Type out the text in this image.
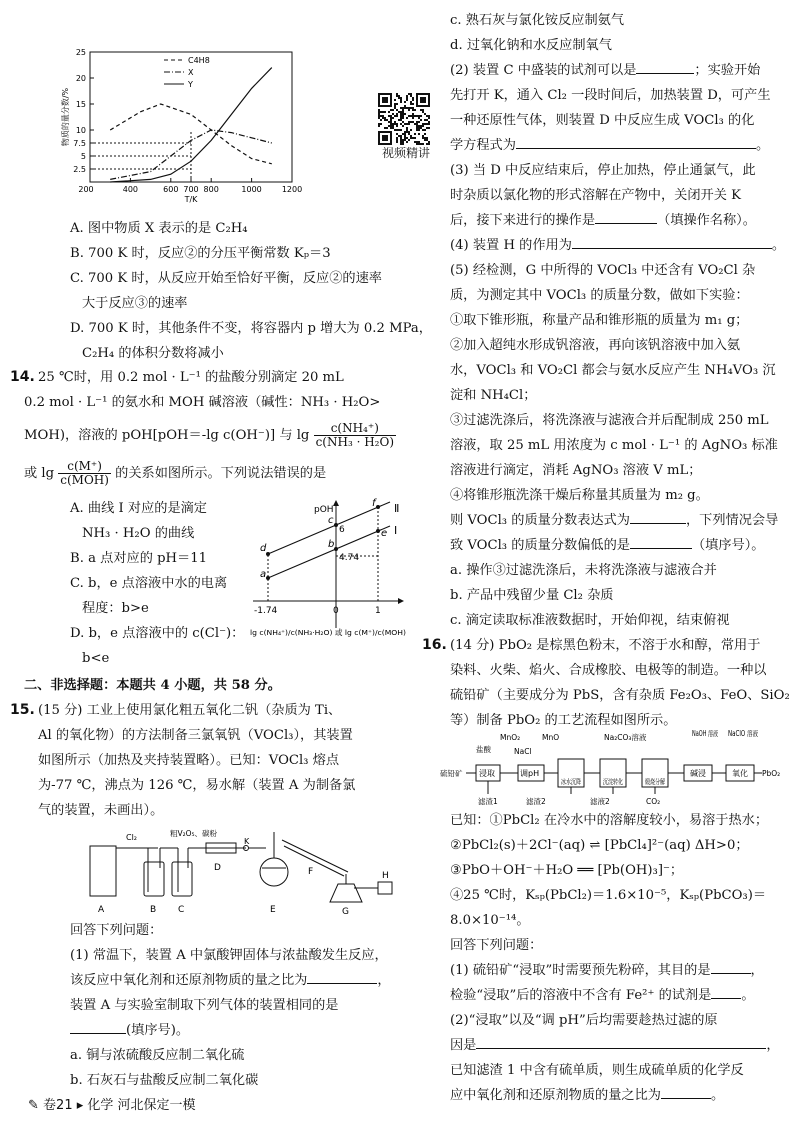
2.5
5
7.5
10
15
20
25
400	600 700 800	1000	1200
200
T/K
物质的量分数/%
C4H8
X
Y
视频精讲
A. 图中物质 X 表示的是 C₂H₄
B. 700 K 时，反应②的分压平衡常数 Kₚ＝3
C. 700 K 时，从反应开始至恰好平衡，反应②的速率
大于反应③的速率
D. 700 K 时，其他条件不变，将容器内 p 增大为 0.2 MPa，
C₂H₄ 的体积分数将减小
14. 25 ℃时，用 0.2 mol · L⁻¹ 的盐酸分别滴定 20 mL
0.2 mol · L⁻¹ 的氨水和 MOH 碱溶液（碱性：NH₃ · H₂O>
MOH)，溶液的 pOH[pOH＝-lg c(OH⁻)] 与 $\lg \frac{\text{c(NH₄⁺)}}{\text{c(NH₃ · H₂O)}}$
或 $\lg \frac{c(M^+)}{\text{c(MOH)}}$ 的关系如图所示。下列说法错误的是
A. 曲线 Ⅰ 对应的是滴定
NH₃ · H₂O 的曲线
B. a 点对应的 pH＝11
C. b，e 点溶液中水的电离
程度：b>e
D. b，e 点溶液中的 c(Cl⁻)：
b<e
pOH
a
b
c
d
e
f
6
4.74
Ⅱ
Ⅰ
-1.74	0	1
lg c(NH₄⁺)/c(NH₃·H₂O) 或 lg c(M⁺)/c(MOH)
二、非选择题：本题共 4 小题，共 58 分。
15. (15 分) 工业上使用氯化粗五氧化二钒（杂质为 Ti、
Al 的氧化物）的方法制备三氯氧钒（VOCl₃），其装置
如图所示（加热及夹持装置略）。已知：VOCl₃ 熔点
为-77 ℃，沸点为 126 ℃，易水解（装置 A 为制备氯
气的装置，未画出）。
A
Cl₂
B C
粗V₂O₅、碳粉
D
K
E
F
G
H
回答下列问题：
(1) 常温下，装置 A 中氯酸钾固体与浓盐酸发生反应，
该反应中氧化剂和还原剂物质的量之比为	，
装置 A 与实验室制取下列气体的装置相同的是
(填序号)。
a. 铜与浓硫酸反应制二氧化硫
b. 石灰石与盐酸反应制二氧化碳
c. 熟石灰与氯化铵反应制氨气
d. 过氧化钠和水反应制氧气
(2) 装置 C 中盛装的试剂可以是	；实验开始
先打开 K，通入 Cl₂ 一段时间后，加热装置 D，可产生
一种还原性气体，则装置 D 中反应生成 VOCl₃ 的化
学方程式为	。
(3) 当 D 中反应结束后，停止加热，停止通氯气，此
时杂质以氯化物的形式溶解在产物中，关闭开关 K
后，接下来进行的操作是	（填操作名称）。
(4) 装置 H 的作用为	。
(5) 经检测，G 中所得的 VOCl₃ 中还含有 VO₂Cl 杂
质，为测定其中 VOCl₃ 的质量分数，做如下实验：
①取下锥形瓶，称量产品和锥形瓶的质量为 m₁ g；
②加入超纯水形成钒溶液，再向该钒溶液中加入氨
水，VOCl₃ 和 VO₂Cl 都会与氨水反应产生 NH₄VO₃ 沉
淀和 NH₄Cl；
③过滤洗涤后，将洗涤液与滤液合并后配制成 250 mL
溶液，取 25 mL 用浓度为 c mol · L⁻¹ 的 AgNO₃ 标准
溶液进行滴定，消耗 AgNO₃ 溶液 V mL；
④将锥形瓶洗涤干燥后称量其质量为 m₂ g。
则 VOCl₃ 的质量分数表达式为	，下列情况会导
致 VOCl₃ 的质量分数偏低的是	（填序号）。
a. 操作③过滤洗涤后，未将洗涤液与滤液合并
b. 产品中残留少量 Cl₂ 杂质
c. 滴定读取标准液数据时，开始仰视，结束俯视
16. (14 分) PbO₂ 是棕黑色粉末，不溶于水和醇，常用于
染料、火柴、焰火、合成橡胶、电极等的制造。一种以
硫铅矿（主要成分为 PbS，含有杂质 Fe₂O₃、FeO、SiO₂
等）制备 PbO₂ 的工艺流程如图所示。
MnO₂
盐酸	NaCl
MnO	Na₂CO₃溶液	NaOH 溶液
NaClO 溶液
硫铅矿 浸取	调pH
冰水沉降 沉淀转化 煅烧分解
碱浸	氧化 PbO₂
滤渣1	滤渣2	滤液2	CO₂
已知：①PbCl₂ 在冷水中的溶解度较小，易溶于热水；
②PbCl₂(s)＋2Cl⁻(aq) ⇌ [PbCl₄]²⁻(aq) ΔH>0；
③PbO＋OH⁻＋H₂O ══ [Pb(OH)₃]⁻；
④25 ℃时，Kₛₚ(PbCl₂)＝1.6×10⁻⁵，Kₛₚ(PbCO₃)＝
8.0×10⁻¹⁴。
回答下列问题：
(1) 硫铅矿“浸取”时需要预先粉碎，其目的是	，
检验“浸取”后的溶液中不含有 Fe²⁺ 的试剂是 。
(2)“浸取”以及“调 pH”后均需要趁热过滤的原
因是	，
已知滤渣 1 中含有硫单质，则生成硫单质的化学反
应中氧化剂和还原剂物质的量之比为	。
✎ 卷21 ▸ 化学 河北保定一模
